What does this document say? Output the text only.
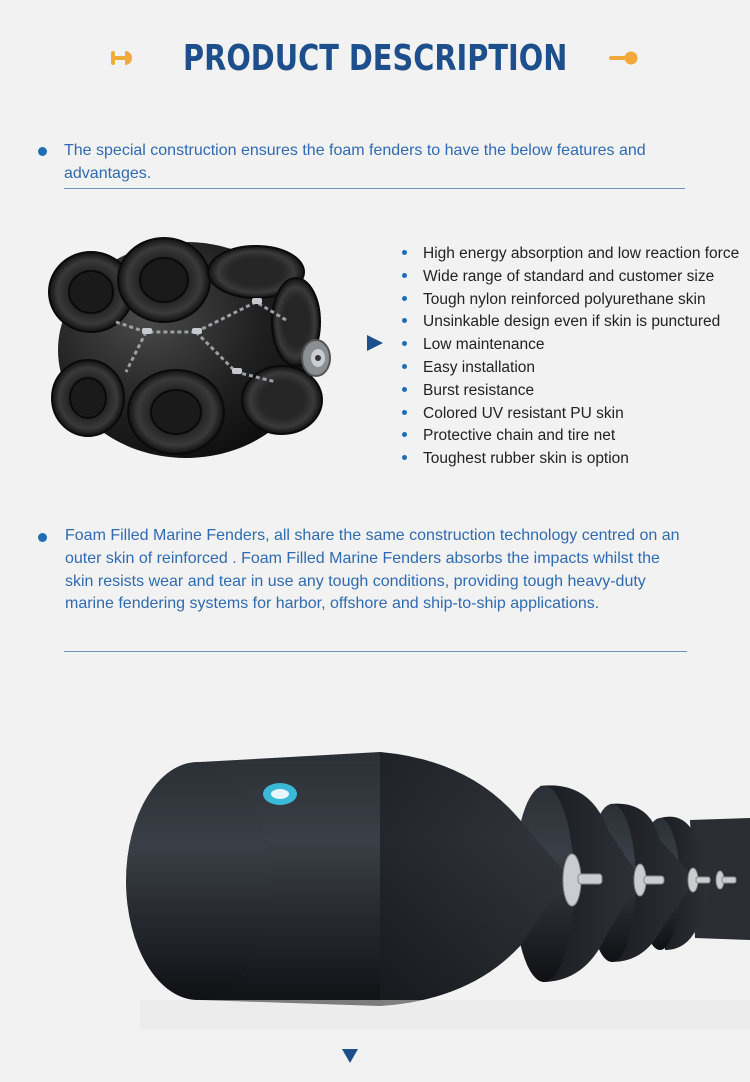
PRODUCT DESCRIPTION

The special construction ensures the foam fenders to have the below features and advantages.

High energy absorption and low reaction force
Wide range of standard and customer size
Tough nylon reinforced polyurethane skin
Unsinkable design even if skin is punctured
Low maintenance
Easy installation
Burst resistance
Colored UV resistant PU skin
Protective chain and tire net
Toughest rubber skin is option

Foam Filled Marine Fenders, all share the same construction technology centred on an outer skin of reinforced . Foam Filled Marine Fenders absorbs the impacts whilst the skin resists wear and tear in use any tough conditions, providing tough heavy-duty marine fendering systems for harbor, offshore and ship-to-ship applications.
